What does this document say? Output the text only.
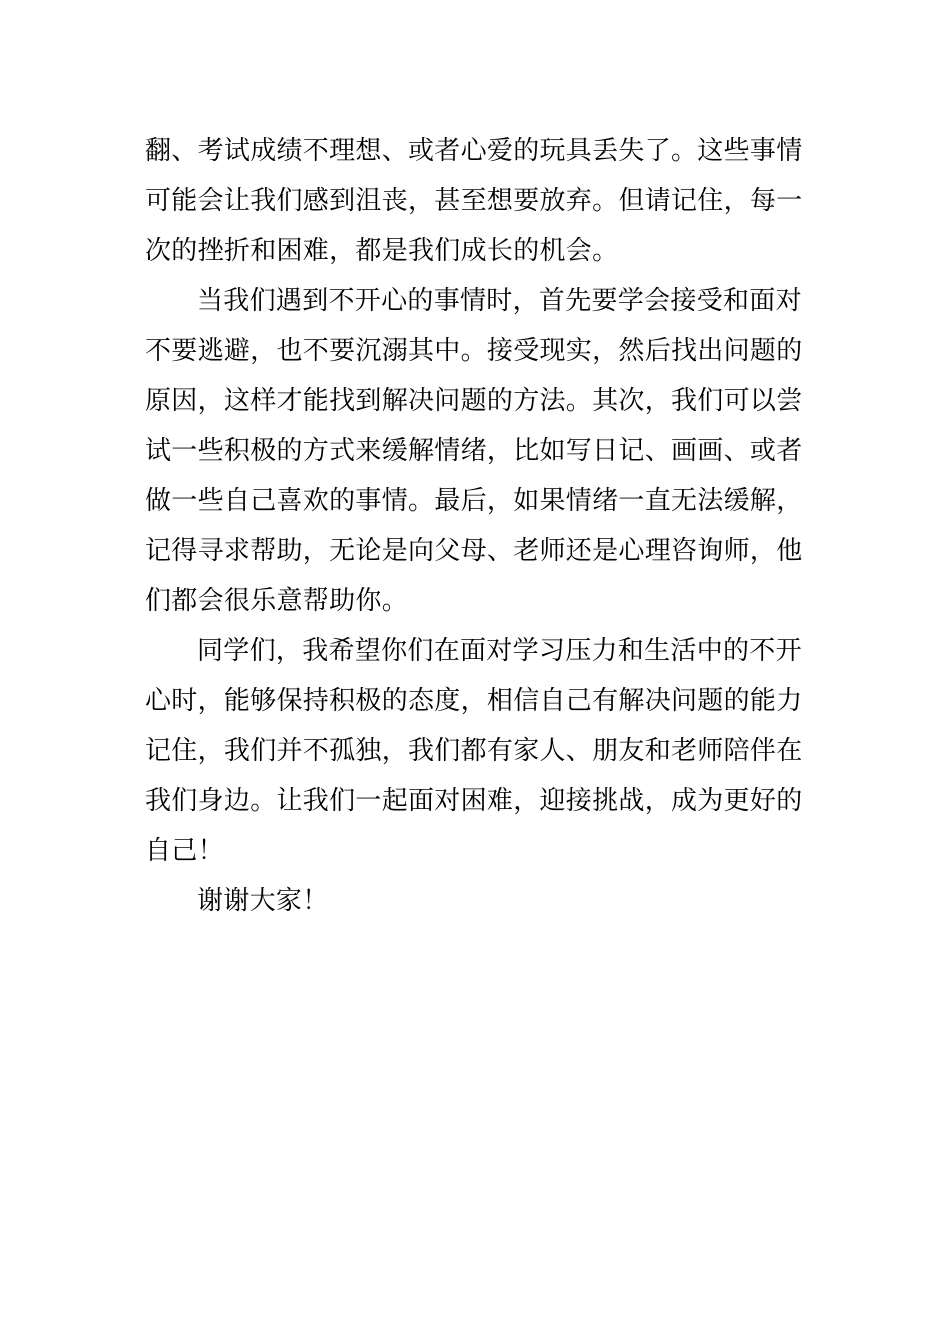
翻、考试成绩不理想、或者心爱的玩具丢失了。这些事情
可能会让我们感到沮丧，甚至想要放弃。但请记住，每一
次的挫折和困难，都是我们成长的机会。
当我们遇到不开心的事情时，首先要学会接受和面对
不要逃避，也不要沉溺其中。接受现实，然后找出问题的
原因，这样才能找到解决问题的方法。其次，我们可以尝
试一些积极的方式来缓解情绪，比如写日记、画画、或者
做一些自己喜欢的事情。最后，如果情绪一直无法缓解，
记得寻求帮助，无论是向父母、老师还是心理咨询师，他
们都会很乐意帮助你。
同学们，我希望你们在面对学习压力和生活中的不开
心时，能够保持积极的态度，相信自己有解决问题的能力
记住，我们并不孤独，我们都有家人、朋友和老师陪伴在
我们身边。让我们一起面对困难，迎接挑战，成为更好的
自己！
谢谢大家！
